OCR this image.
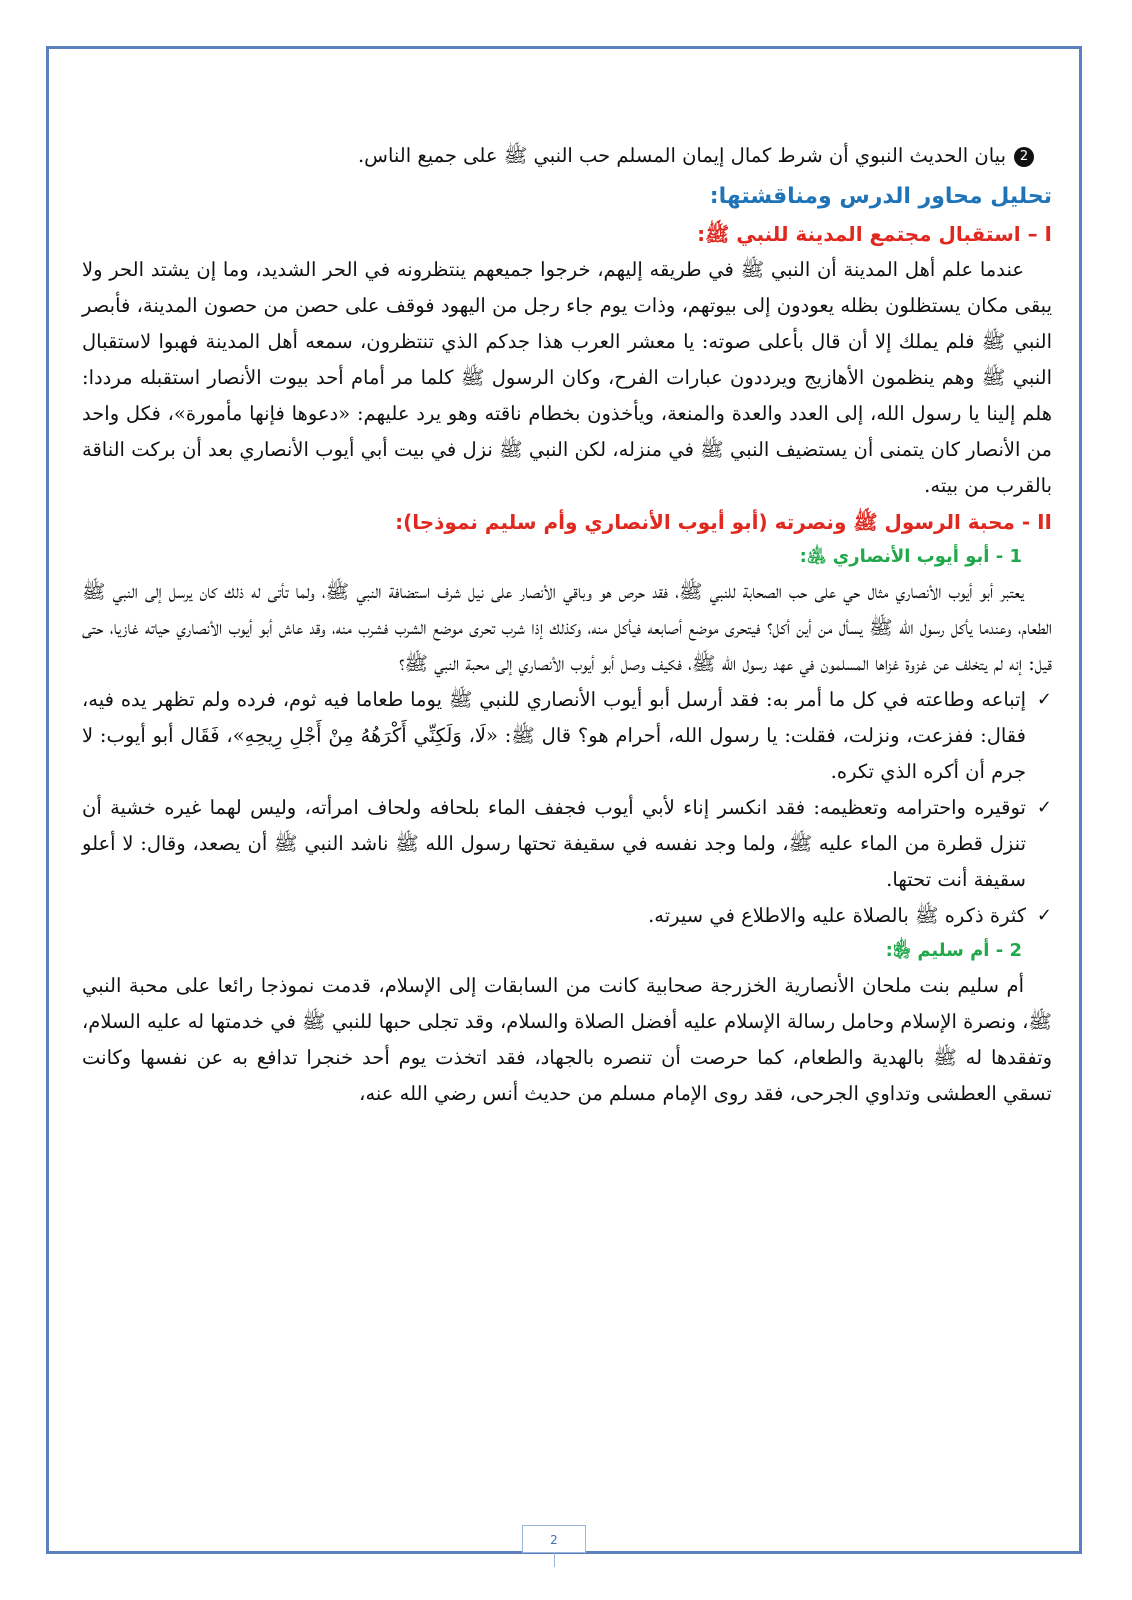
2بيان الحديث النبوي أن شرط كمال إيمان المسلم حب النبي ﷺ على جميع الناس.

تحليل محاور الدرس ومناقشتها:
I – استقبال مجتمع المدينة للنبي ﷺ:

عندما علم أهل المدينة أن النبي ﷺ في طريقه إليهم، خرجوا جميعهم ينتظرونه في الحر الشديد، وما إن يشتد الحر ولا يبقى مكان يستظلون بظله يعودون إلى بيوتهم، وذات يوم جاء رجل من اليهود فوقف على حصن من حصون المدينة، فأبصر النبي ﷺ فلم يملك إلا أن قال بأعلى صوته: يا معشر العرب هذا جدكم الذي تنتظرون، سمعه أهل المدينة فهبوا لاستقبال النبي ﷺ وهم ينظمون الأهازيج ويرددون عبارات الفرح، وكان الرسول ﷺ كلما مر أمام أحد بيوت الأنصار استقبله مرددا: هلم إلينا يا رسول الله، إلى العدد والعدة والمنعة، ويأخذون بخطام ناقته وهو يرد عليهم: «دعوها فإنها مأمورة»، فكل واحد من الأنصار كان يتمنى أن يستضيف النبي ﷺ في منزله، لكن النبي ﷺ نزل في بيت أبي أيوب الأنصاري بعد أن بركت الناقة بالقرب من بيته.

II - محبة الرسول ﷺ ونصرته (أبو أيوب الأنصاري وأم سليم نموذجا):
1 - أبو أيوب الأنصاري ﵁:

يعتبر أبو أيوب الأنصاري مثال حي على حب الصحابة للنبي ﷺ، فقد حرص هو وباقي الأنصار على نيل شرف استضافة النبي ﷺ، ولما تأتى له ذلك كان يرسل إلى النبي ﷺ الطعام، وعندما يأكل رسول الله ﷺ يسأل من أين أكل؟ فيتحرى موضع أصابعه فيأكل منه، وكذلك إذا شرب تحرى موضع الشرب فشرب منه، وقد عاش أبو أيوب الأنصاري حياته غازيا، حتى قيل: إنه لم يتخلف عن غزوة غزاها المسلمون في عهد رسول الله ﷺ، فكيف وصل أبو أيوب الأنصاري إلى محبة النبي ﷺ؟

✓
إتباعه وطاعته في كل ما أمر به: فقد أرسل أبو أيوب الأنصاري للنبي ﷺ يوما طعاما فيه ثوم، فرده ولم تظهر يده فيه، فقال: ففزعت، ونزلت، فقلت: يا رسول الله، أحرام هو؟ قال ﷺ: «لَا، وَلَكِنِّي أَكْرَهُهُ مِنْ أَجْلِ رِيحِهِ»، فَقَال أبو أيوب: لا جرم أن أكره الذي تكره.
✓
توقيره واحترامه وتعظيمه: فقد انكسر إناء لأبي أيوب فجفف الماء بلحافه ولحاف امرأته، وليس لهما غيره خشية أن تنزل قطرة من الماء عليه ﷺ، ولما وجد نفسه في سقيفة تحتها رسول الله ﷺ ناشد النبي ﷺ أن يصعد، وقال: لا أعلو سقيفة أنت تحتها.
✓
كثرة ذكره ﷺ بالصلاة عليه والاطلاع في سيرته.
2 - أم سليم ﵂:

أم سليم بنت ملحان الأنصارية الخزرجة صحابية كانت من السابقات إلى الإسلام، قدمت نموذجا رائعا على محبة النبي ﷺ، ونصرة الإسلام وحامل رسالة الإسلام عليه أفضل الصلاة والسلام، وقد تجلى حبها للنبي ﷺ في خدمتها له عليه السلام، وتفقدها له ﷺ بالهدية والطعام، كما حرصت أن تنصره بالجهاد، فقد اتخذت يوم أحد خنجرا تدافع به عن نفسها وكانت تسقي العطشى وتداوي الجرحى، فقد روى الإمام مسلم من حديث أنس رضي الله عنه،

2
